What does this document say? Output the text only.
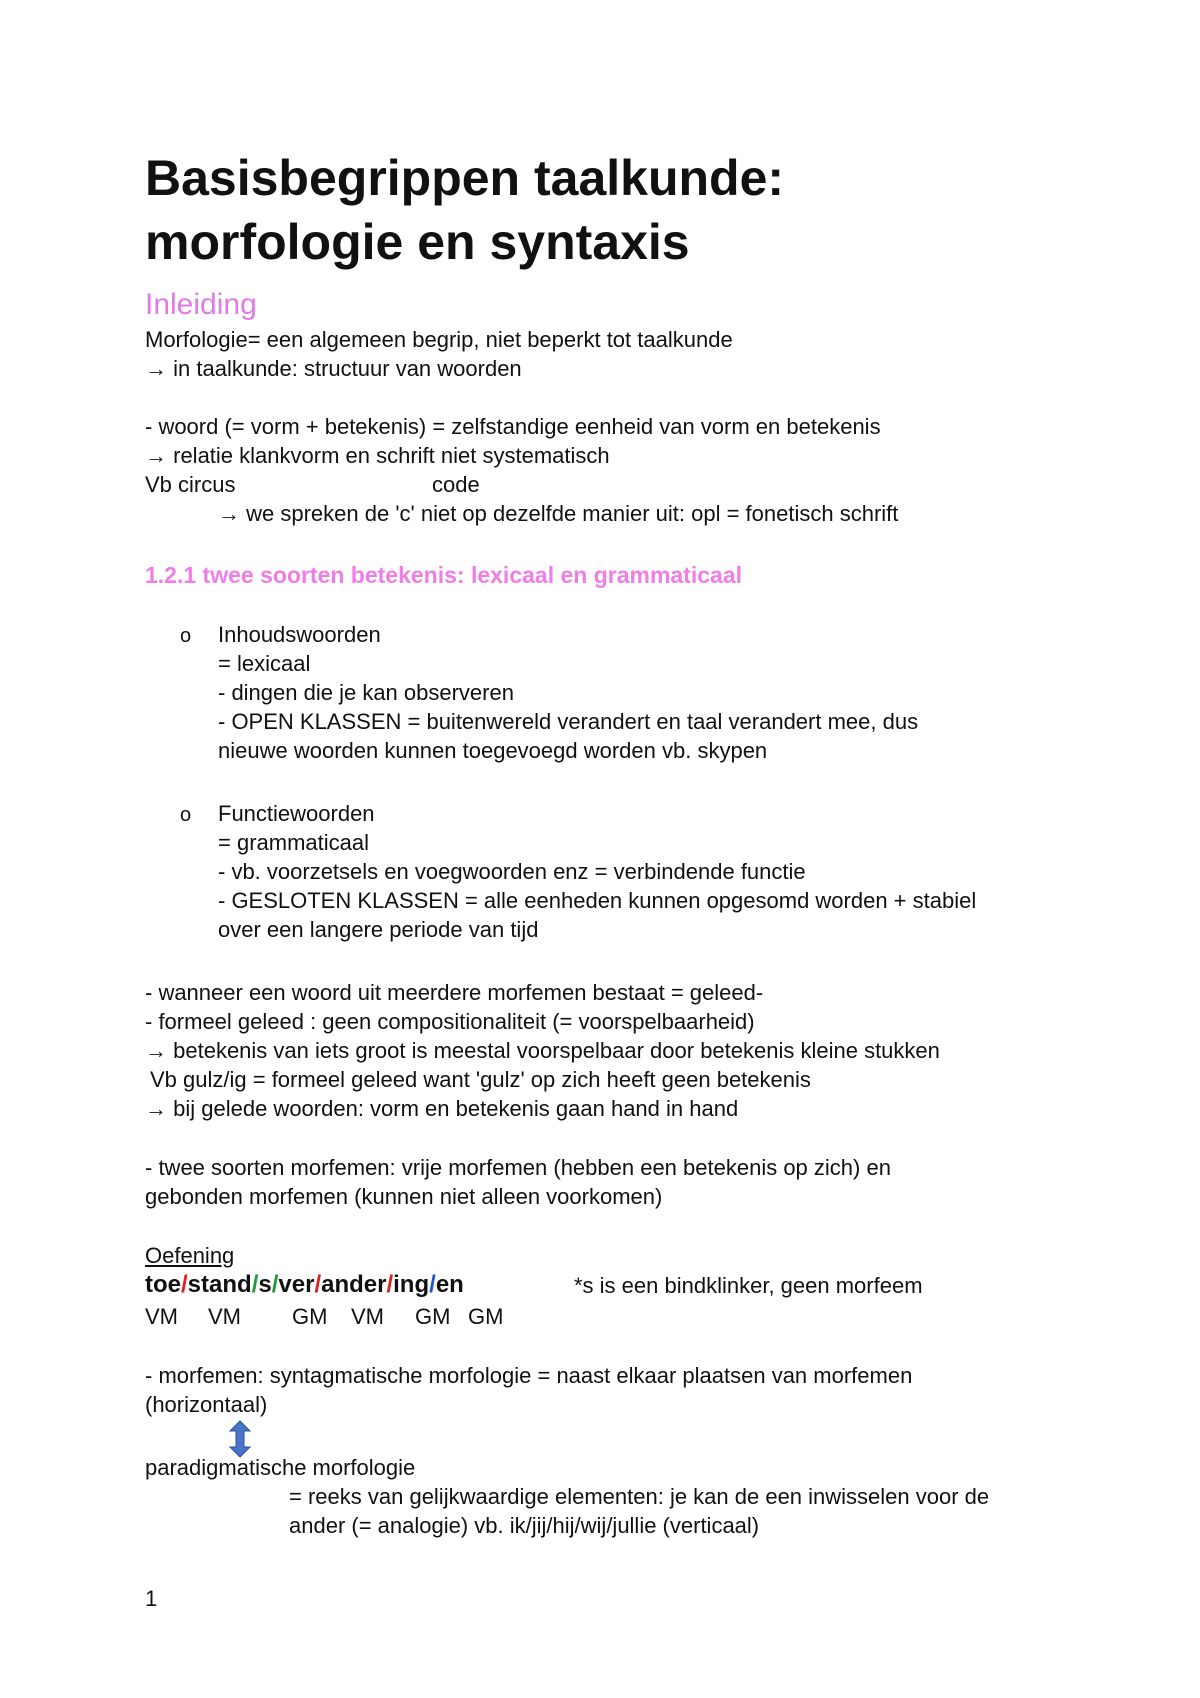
Basisbegrippen taalkunde:
morfologie en syntaxis
Inleiding
Morfologie= een algemeen begrip, niet beperkt tot taalkunde
→ in taalkunde: structuur van woorden
- woord (= vorm + betekenis) = zelfstandige eenheid van vorm en betekenis
→ relatie klankvorm en schrift niet systematisch
Vb circus	code
→ we spreken de 'c' niet op dezelfde manier uit: opl = fonetisch schrift
1.2.1 twee soorten betekenis: lexicaal en grammaticaal
o Inhoudswoorden
= lexicaal
- dingen die je kan observeren
- OPEN KLASSEN = buitenwereld verandert en taal verandert mee, dus
nieuwe woorden kunnen toegevoegd worden vb. skypen
o Functiewoorden
= grammaticaal
- vb. voorzetsels en voegwoorden enz = verbindende functie
- GESLOTEN KLASSEN = alle eenheden kunnen opgesomd worden + stabiel
over een langere periode van tijd
- wanneer een woord uit meerdere morfemen bestaat = geleed-
- formeel geleed : geen compositionaliteit (= voorspelbaarheid)
→ betekenis van iets groot is meestal voorspelbaar door betekenis kleine stukken
Vb gulz/ig = formeel geleed want 'gulz' op zich heeft geen betekenis
→ bij gelede woorden: vorm en betekenis gaan hand in hand
- twee soorten morfemen: vrije morfemen (hebben een betekenis op zich) en
gebonden morfemen (kunnen niet alleen voorkomen)
Oefening
toe/stand/s/ver/ander/ing/en	*s is een bindklinker, geen morfeem
VM VM GM VM GM GM
- morfemen: syntagmatische morfologie = naast elkaar plaatsen van morfemen
(horizontaal)
paradigmatische morfologie
= reeks van gelijkwaardige elementen: je kan de een inwisselen voor de
ander (= analogie) vb. ik/jij/hij/wij/jullie (verticaal)
1
